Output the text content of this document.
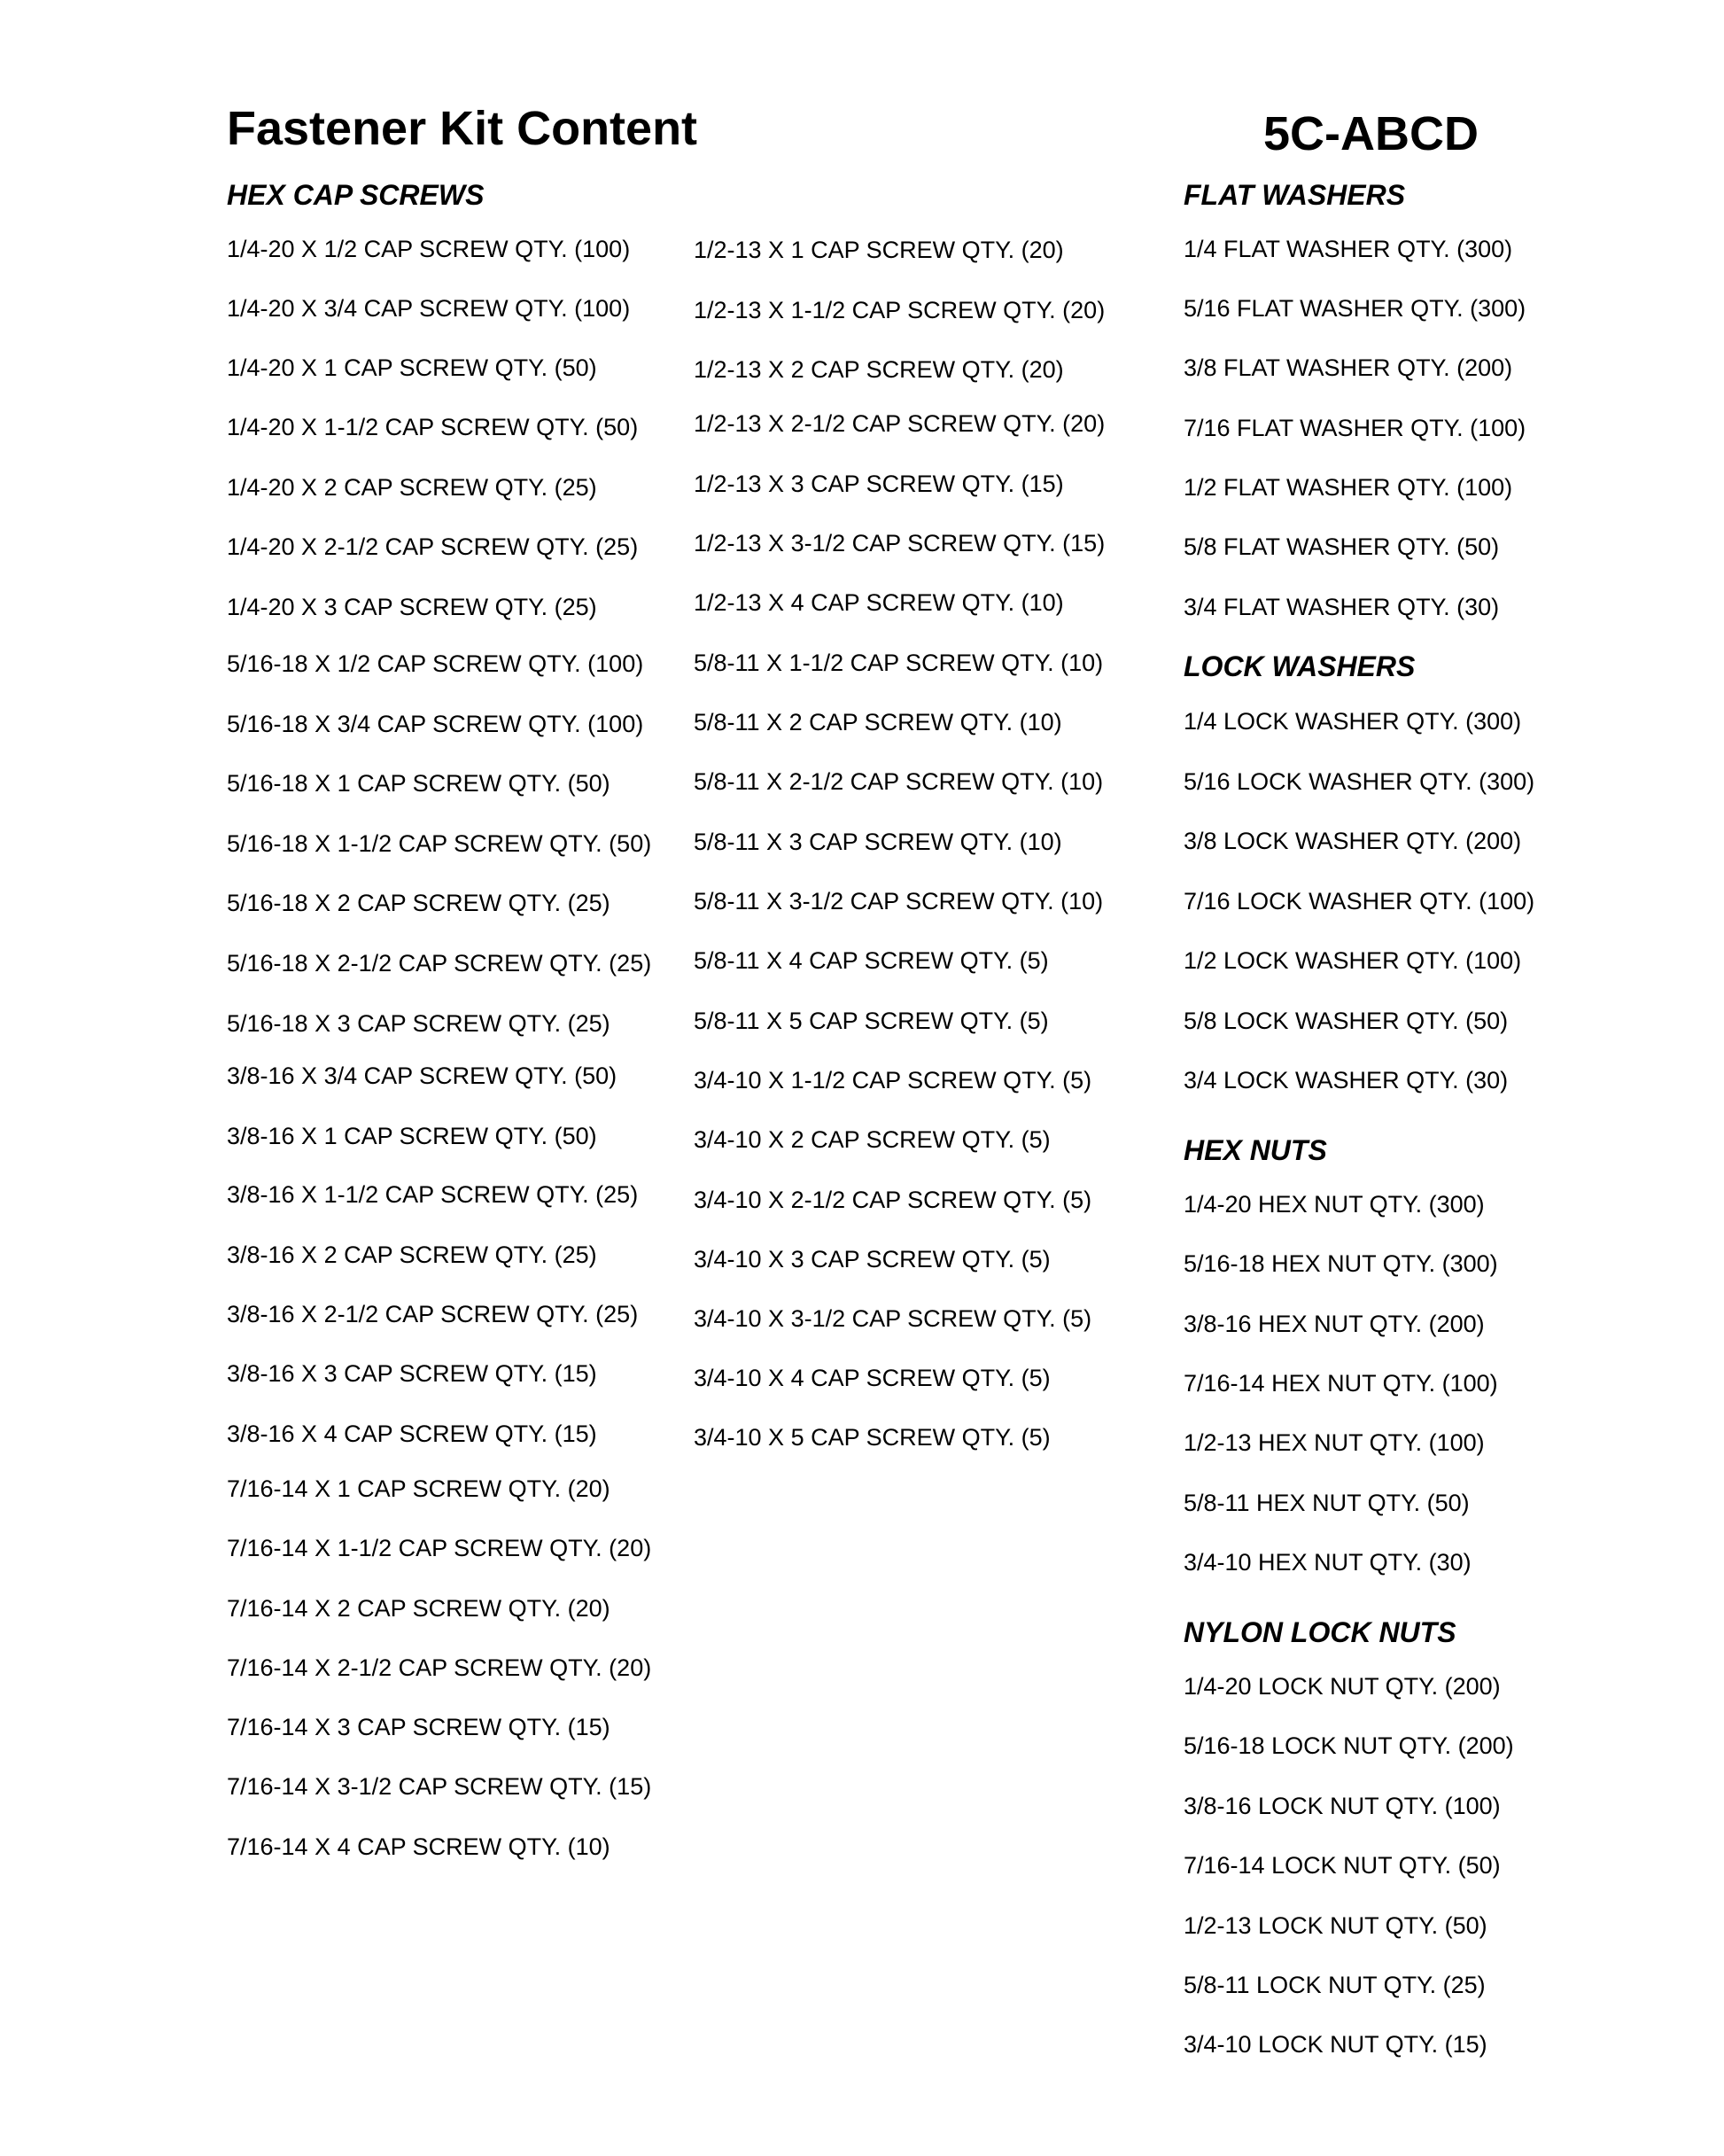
Fastener Kit Content	5C-ABCD
HEX CAP SCREWS
1/4-20 X 1/2 CAP SCREW QTY. (100)
1/4-20 X 3/4 CAP SCREW QTY. (100)
1/4-20 X 1 CAP SCREW QTY. (50)
1/4-20 X 1-1/2 CAP SCREW QTY. (50)
1/4-20 X 2 CAP SCREW QTY. (25)
1/4-20 X 2-1/2 CAP SCREW QTY. (25)
1/4-20 X 3 CAP SCREW QTY. (25)
5/16-18 X 1/2 CAP SCREW QTY. (100)
5/16-18 X 3/4 CAP SCREW QTY. (100)
5/16-18 X 1 CAP SCREW QTY. (50)
5/16-18 X 1-1/2 CAP SCREW QTY. (50)
5/16-18 X 2 CAP SCREW QTY. (25)
5/16-18 X 2-1/2 CAP SCREW QTY. (25)
5/16-18 X 3 CAP SCREW QTY. (25)
3/8-16 X 3/4 CAP SCREW QTY. (50)
3/8-16 X 1 CAP SCREW QTY. (50)
3/8-16 X 1-1/2 CAP SCREW QTY. (25)
3/8-16 X 2 CAP SCREW QTY. (25)
3/8-16 X 2-1/2 CAP SCREW QTY. (25)
3/8-16 X 3 CAP SCREW QTY. (15)
3/8-16 X 4 CAP SCREW QTY. (15)
7/16-14 X 1 CAP SCREW QTY. (20)
7/16-14 X 1-1/2 CAP SCREW QTY. (20)
7/16-14 X 2 CAP SCREW QTY. (20)
7/16-14 X 2-1/2 CAP SCREW QTY. (20)
7/16-14 X 3 CAP SCREW QTY. (15)
7/16-14 X 3-1/2 CAP SCREW QTY. (15)
7/16-14 X 4 CAP SCREW QTY. (10)
1/2-13 X 1 CAP SCREW QTY. (20)
1/2-13 X 1-1/2 CAP SCREW QTY. (20)
1/2-13 X 2 CAP SCREW QTY. (20)
1/2-13 X 2-1/2 CAP SCREW QTY. (20)
1/2-13 X 3 CAP SCREW QTY. (15)
1/2-13 X 3-1/2 CAP SCREW QTY. (15)
1/2-13 X 4 CAP SCREW QTY. (10)
5/8-11 X 1-1/2 CAP SCREW QTY. (10)
5/8-11 X 2 CAP SCREW QTY. (10)
5/8-11 X 2-1/2 CAP SCREW QTY. (10)
5/8-11 X 3 CAP SCREW QTY. (10)
5/8-11 X 3-1/2 CAP SCREW QTY. (10)
5/8-11 X 4 CAP SCREW QTY. (5)
5/8-11 X 5 CAP SCREW QTY. (5)
3/4-10 X 1-1/2 CAP SCREW QTY. (5)
3/4-10 X 2 CAP SCREW QTY. (5)
3/4-10 X 2-1/2 CAP SCREW QTY. (5)
3/4-10 X 3 CAP SCREW QTY. (5)
3/4-10 X 3-1/2 CAP SCREW QTY. (5)
3/4-10 X 4 CAP SCREW QTY. (5)
3/4-10 X 5 CAP SCREW QTY. (5)
FLAT WASHERS
1/4 FLAT WASHER QTY. (300)
5/16 FLAT WASHER QTY. (300)
3/8 FLAT WASHER QTY. (200)
7/16 FLAT WASHER QTY. (100)
1/2 FLAT WASHER QTY. (100)
5/8 FLAT WASHER QTY. (50)
3/4 FLAT WASHER QTY. (30)
LOCK WASHERS
1/4 LOCK WASHER QTY. (300)
5/16 LOCK WASHER QTY. (300)
3/8 LOCK WASHER QTY. (200)
7/16 LOCK WASHER QTY. (100)
1/2 LOCK WASHER QTY. (100)
5/8 LOCK WASHER QTY. (50)
3/4 LOCK WASHER QTY. (30)
HEX NUTS
1/4-20 HEX NUT QTY. (300)
5/16-18 HEX NUT QTY. (300)
3/8-16 HEX NUT QTY. (200)
7/16-14 HEX NUT QTY. (100)
1/2-13 HEX NUT QTY. (100)
5/8-11 HEX NUT QTY. (50)
3/4-10 HEX NUT QTY. (30)
NYLON LOCK NUTS
1/4-20 LOCK NUT QTY. (200)
5/16-18 LOCK NUT QTY. (200)
3/8-16 LOCK NUT QTY. (100)
7/16-14 LOCK NUT QTY. (50)
1/2-13 LOCK NUT QTY. (50)
5/8-11 LOCK NUT QTY. (25)
3/4-10 LOCK NUT QTY. (15)
